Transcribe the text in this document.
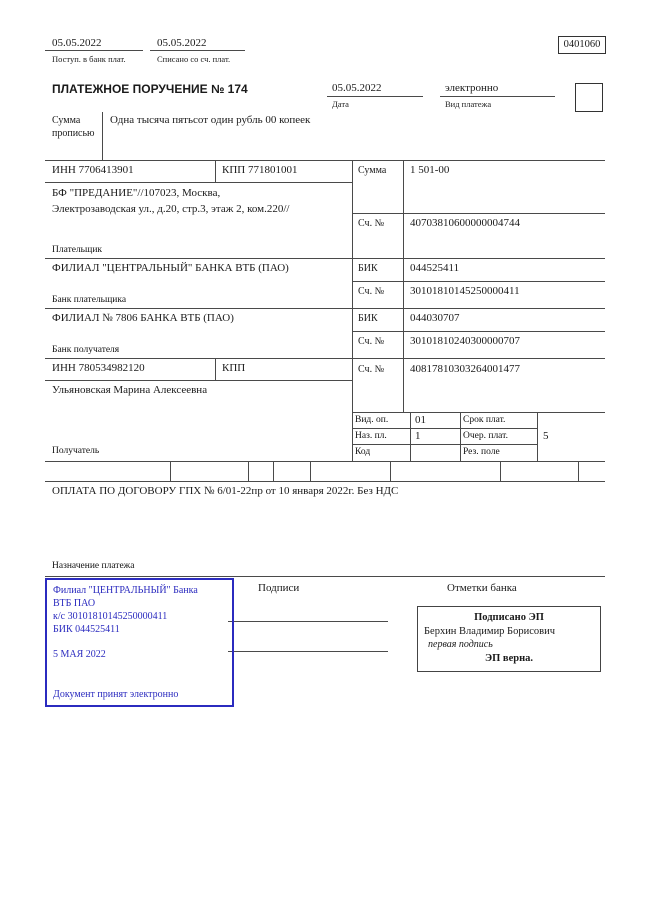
05.05.2022	05.05.2022
Поступ. в банк плат.	Списано со сч. плат.
0401060
ПЛАТЕЖНОЕ ПОРУЧЕНИЕ № 174	05.05.2022	электронно
Дата	Вид платежа
Сумма прописью
Одна тысяча пятьсот один рубль 00 копеек
ИНН 7706413901	КПП 771801001	Сумма 1 501-00
БФ "ПРЕДАНИЕ"//107023, Москва, Электрозаводская ул., д.20, стр.3, этаж 2, ком.220//
Сч. № 40703810600000004744
Плательщик
ФИЛИАЛ "ЦЕНТРАЛЬНЫЙ" БАНКА ВТБ (ПАО)	БИК	044525411
Сч. № 30101810145250000411
Банк плательщика
ФИЛИАЛ № 7806 БАНКА ВТБ (ПАО)	БИК	044030707
Сч. № 30101810240300000707
Банк получателя
ИНН 780534982120	КПП	Сч. № 40817810303264001477
Ульяновская Марина Алексеевна
Получатель
Вид. оп. 01	Срок плат.
Наз. пл.	1	Очер. плат.	5
Код	Рез. поле
ОПЛАТА ПО ДОГОВОРУ ГПХ № 6/01-22пр от 10 января 2022г. Без НДС
Назначение платежа
Подписи	Отметки банка
Филиал "ЦЕНТРАЛЬНЫЙ" Банка
ВТБ ПАО
к/с 30101810145250000411
БИК 044525411
5 МАЯ 2022
Документ принят электронно
Подписано ЭП
Берхин Владимир Борисович
первая подпись
ЭП верна.
